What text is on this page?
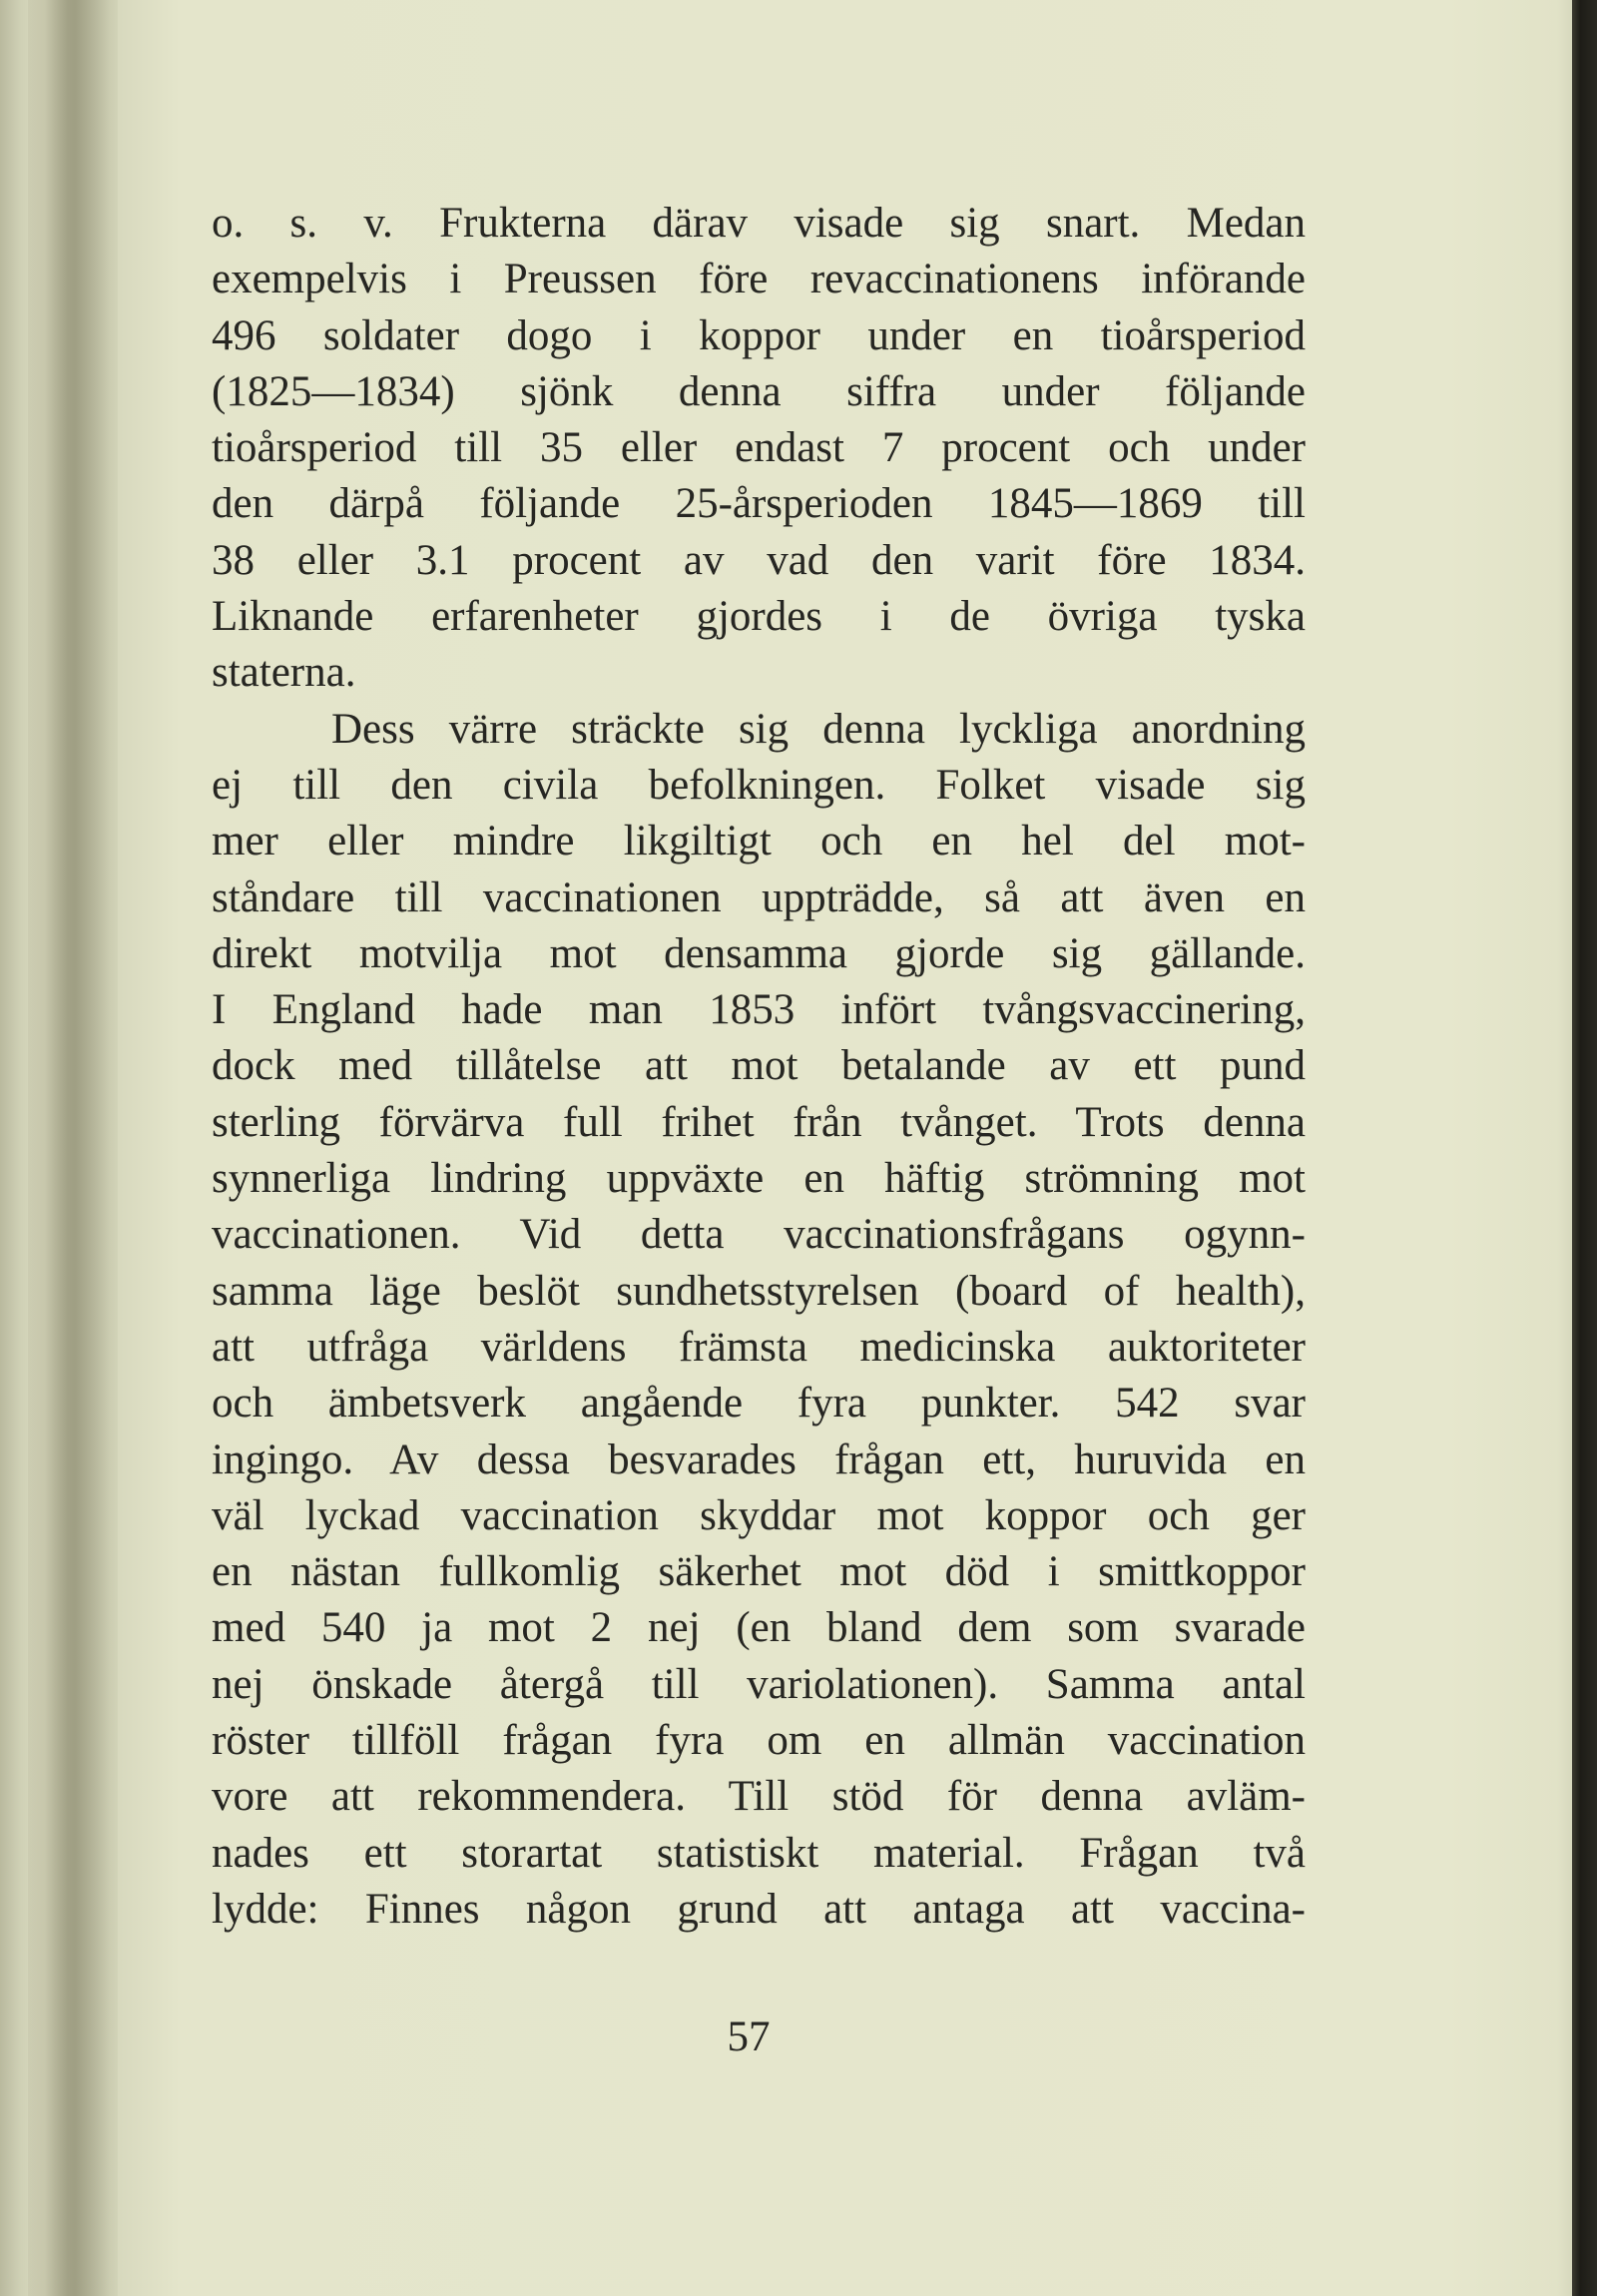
o. s. v. Frukterna därav visade sig snart. Medan
exempelvis i Preussen före revaccinationens införande
496 soldater dogo i koppor under en tioårsperiod
(1825—1834) sjönk denna siffra under följande
tioårsperiod till 35 eller endast 7 procent och under
den därpå följande 25-årsperioden 1845—1869 till
38 eller 3.1 procent av vad den varit före 1834.
Liknande erfarenheter gjordes i de övriga tyska
staterna.
Dess värre sträckte sig denna lyckliga anordning
ej till den civila befolkningen. Folket visade sig
mer eller mindre likgiltigt och en hel del mot-
ståndare till vaccinationen uppträdde, så att även en
direkt motvilja mot densamma gjorde sig gällande.
I England hade man 1853 infört tvångsvaccinering,
dock med tillåtelse att mot betalande av ett pund
sterling förvärva full frihet från tvånget. Trots denna
synnerliga lindring uppväxte en häftig strömning mot
vaccinationen. Vid detta vaccinationsfrågans ogynn-
samma läge beslöt sundhetsstyrelsen (board of health),
att utfråga världens främsta medicinska auktoriteter
och ämbetsverk angående fyra punkter. 542 svar
ingingo. Av dessa besvarades frågan ett, huruvida en
väl lyckad vaccination skyddar mot koppor och ger
en nästan fullkomlig säkerhet mot död i smittkoppor
med 540 ja mot 2 nej (en bland dem som svarade
nej önskade återgå till variolationen). Samma antal
röster tillföll frågan fyra om en allmän vaccination
vore att rekommendera. Till stöd för denna avläm-
nades ett storartat statistiskt material. Frågan två
lydde: Finnes någon grund att antaga att vaccina-
57
